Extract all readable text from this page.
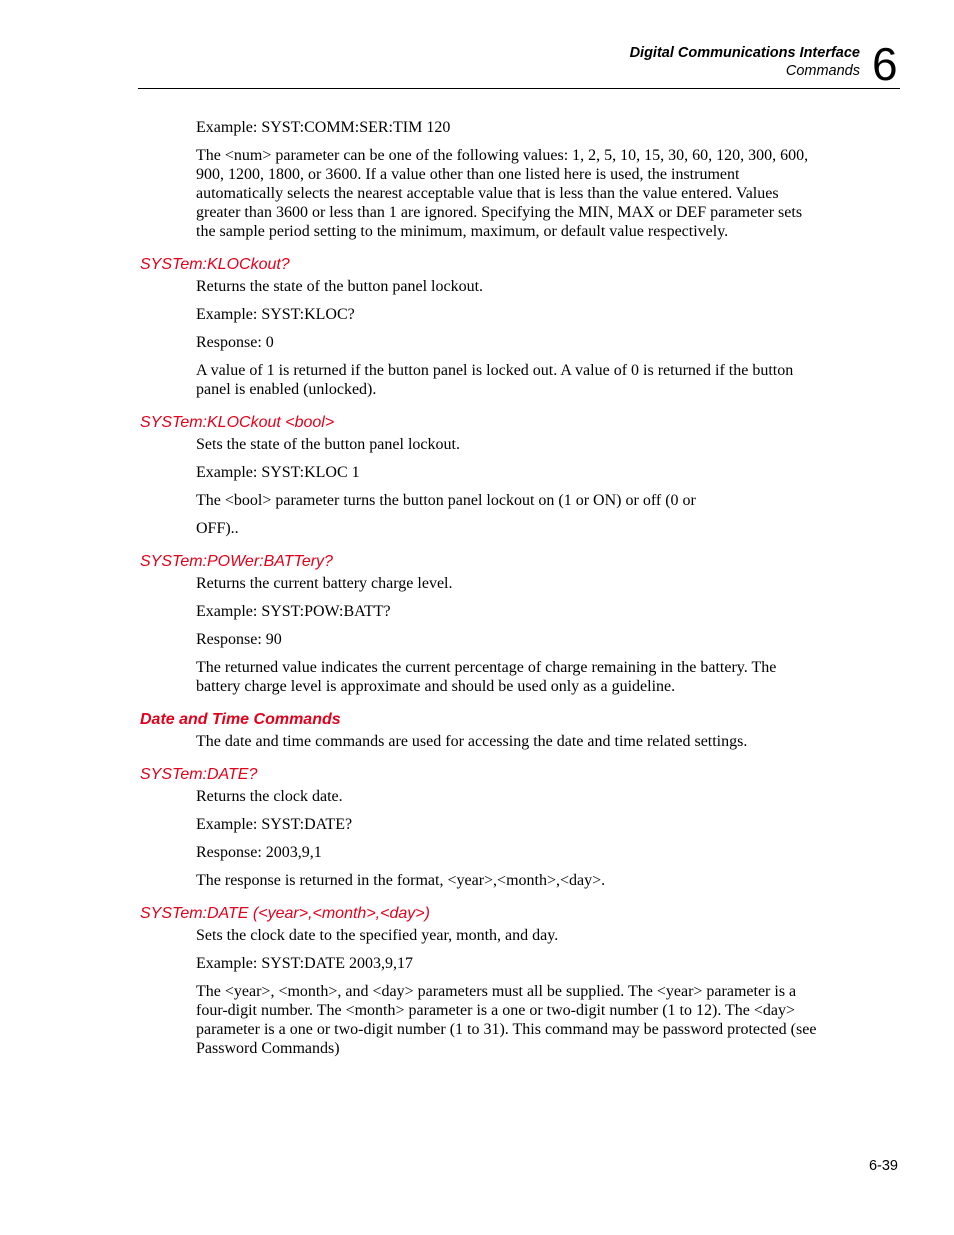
Digital Communications Interface
Commands 6

Example: SYST:COMM:SER:TIM 120

The <num> parameter can be one of the following values: 1, 2, 5, 10, 15, 30, 60, 120, 300, 600, 900, 1200, 1800, or 3600. If a value other than one listed here is used, the instrument automatically selects the nearest acceptable value that is less than the value entered. Values greater than 3600 or less than 1 are ignored. Specifying the MIN, MAX or DEF parameter sets the sample period setting to the minimum, maximum, or default value respectively.

SYSTem:KLOCkout?

Returns the state of the button panel lockout.

Example: SYST:KLOC?

Response: 0

A value of 1 is returned if the button panel is locked out. A value of 0 is returned if the button panel is enabled (unlocked).

SYSTem:KLOCkout <bool>

Sets the state of the button panel lockout.

Example: SYST:KLOC 1

The <bool> parameter turns the button panel lockout on (1 or ON) or off (0 or

OFF)..

SYSTem:POWer:BATTery?

Returns the current battery charge level.

Example: SYST:POW:BATT?

Response: 90

The returned value indicates the current percentage of charge remaining in the battery. The battery charge level is approximate and should be used only as a guideline.

Date and Time Commands

The date and time commands are used for accessing the date and time related settings.

SYSTem:DATE?

Returns the clock date.

Example: SYST:DATE?

Response: 2003,9,1

The response is returned in the format, <year>,<month>,<day>.

SYSTem:DATE (<year>,<month>,<day>)

Sets the clock date to the specified year, month, and day.

Example: SYST:DATE 2003,9,17

The <year>, <month>, and <day> parameters must all be supplied. The <year> parameter is a four-digit number. The <month> parameter is a one or two-digit number (1 to 12). The <day> parameter is a one or two-digit number (1 to 31). This command may be password protected (see Password Commands)

6-39
